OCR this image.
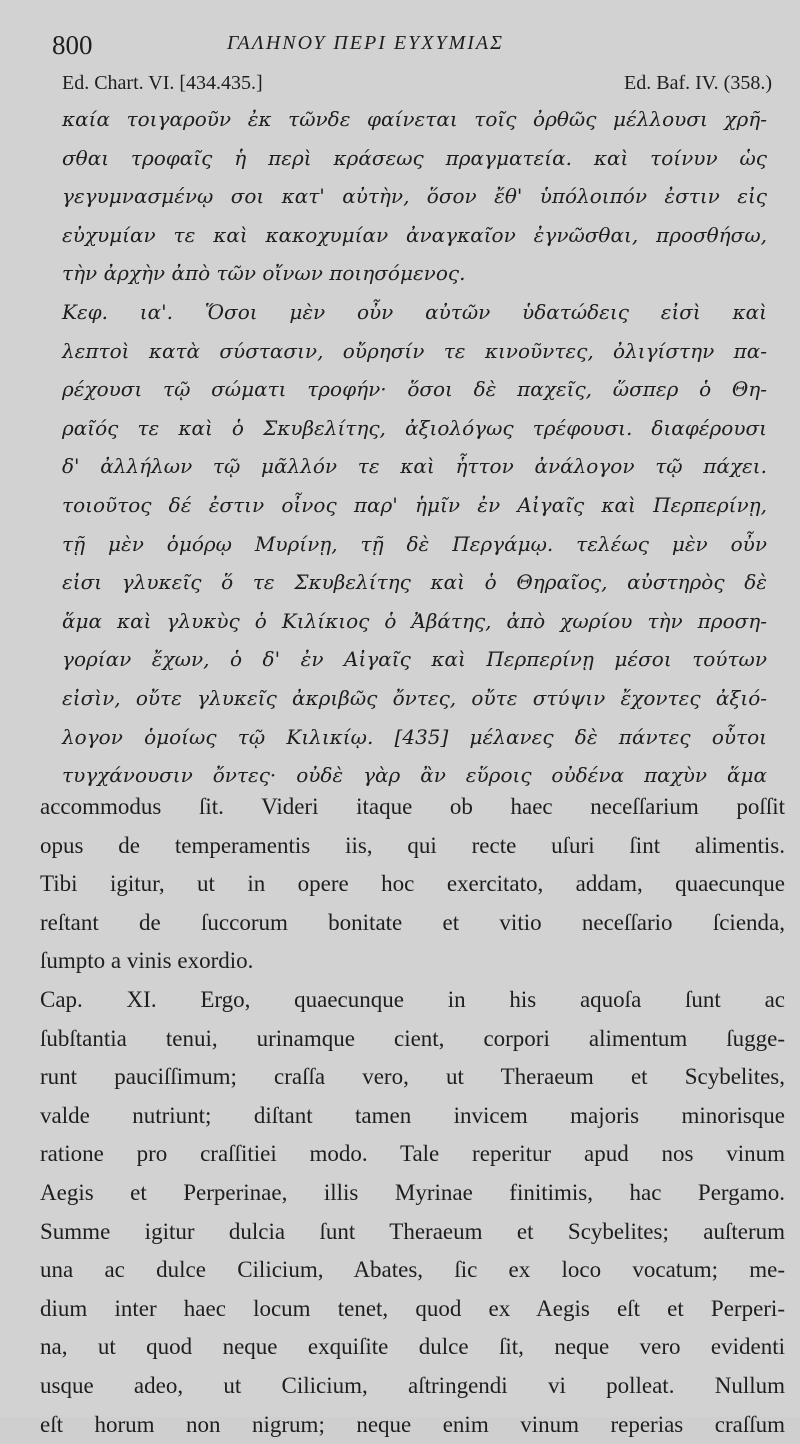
800	ΓΑΛΗΝΟΥ ΠΕΡΙ ΕΥΧΥΜΙΑΣ
Ed. Chart. VI. [434.435.]	Ed. Baf. IV. (358.)
καία τοιγαροῦν ἐκ τῶνδε φαίνεται τοῖς ὀρθῶς μέλλουσι χρῆ-
σθαι τροφαῖς ἡ περὶ κράσεως πραγματεία. καὶ τοίνυν ὡς
γεγυμνασμένῳ σοι κατ' αὐτὴν, ὅσον ἔθ' ὑπόλοιπόν ἐστιν εἰς
εὐχυμίαν τε καὶ κακοχυμίαν ἀναγκαῖον ἐγνῶσθαι, προσθήσω,
τὴν ἀρχὴν ἀπὸ τῶν οἴνων ποιησόμενος.
Κεφ. ια'. Ὅσοι μὲν οὖν αὐτῶν ὑδατώδεις εἰσὶ καὶ
λεπτοὶ κατὰ σύστασιν, οὔρησίν τε κινοῦντες, ὀλιγίστην πα-
ρέχουσι τῷ σώματι τροφήν· ὅσοι δὲ παχεῖς, ὥσπερ ὁ Θη-
ραῖός τε καὶ ὁ Σκυβελίτης, ἀξιολόγως τρέφουσι. διαφέρουσι
δ' ἀλλήλων τῷ μᾶλλόν τε καὶ ἧττον ἀνάλογον τῷ πάχει.
τοιοῦτος δέ ἐστιν οἶνος παρ' ἡμῖν ἐν Αἰγαῖς καὶ Περπερίνῃ,
τῇ μὲν ὁμόρῳ Μυρίνῃ, τῇ δὲ Περγάμῳ. τελέως μὲν οὖν
εἰσι γλυκεῖς ὅ τε Σκυβελίτης καὶ ὁ Θηραῖος, αὐστηρὸς δὲ
ἅμα καὶ γλυκὺς ὁ Κιλίκιος ὁ Ἀβάτης, ἀπὸ χωρίου τὴν προση-
γορίαν ἔχων, ὁ δ' ἐν Αἰγαῖς καὶ Περπερίνῃ μέσοι τούτων
εἰσὶν, οὔτε γλυκεῖς ἀκριβῶς ὄντες, οὔτε στύψιν ἔχοντες ἀξιό-
λογον ὁμοίως τῷ Κιλικίῳ. [435] μέλανες δὲ πάντες οὗτοι
τυγχάνουσιν ὄντες· οὐδὲ γὰρ ἂν εὕροις οὐδένα παχὺν ἅμα
accommodus ſit. Videri itaque ob haec neceſſarium poſſit
opus de temperamentis iis, qui recte uſuri ſint alimentis.
Tibi igitur, ut in opere hoc exercitato, addam, quaecunque
reſtant de ſuccorum bonitate et vitio neceſſario ſcienda,
ſumpto a vinis exordio.
Cap. XI. Ergo, quaecunque in his aquoſa ſunt ac
ſubſtantia tenui, urinamque cient, corpori alimentum ſugge-
runt pauciſſimum; craſſa vero, ut Theraeum et Scybelites,
valde nutriunt; diſtant tamen invicem majoris minorisque
ratione pro craſſitiei modo. Tale reperitur apud nos vinum
Aegis et Perperinae, illis Myrinae finitimis, hac Pergamo.
Summe igitur dulcia ſunt Theraeum et Scybelites; auſterum
una ac dulce Cilicium, Abates, ſic ex loco vocatum; me-
dium inter haec locum tenet, quod ex Aegis eſt et Perperi-
na, ut quod neque exquiſite dulce ſit, neque vero evidenti
usque adeo, ut Cilicium, aſtringendi vi polleat. Nullum
eſt horum non nigrum; neque enim vinum reperias craſſum
